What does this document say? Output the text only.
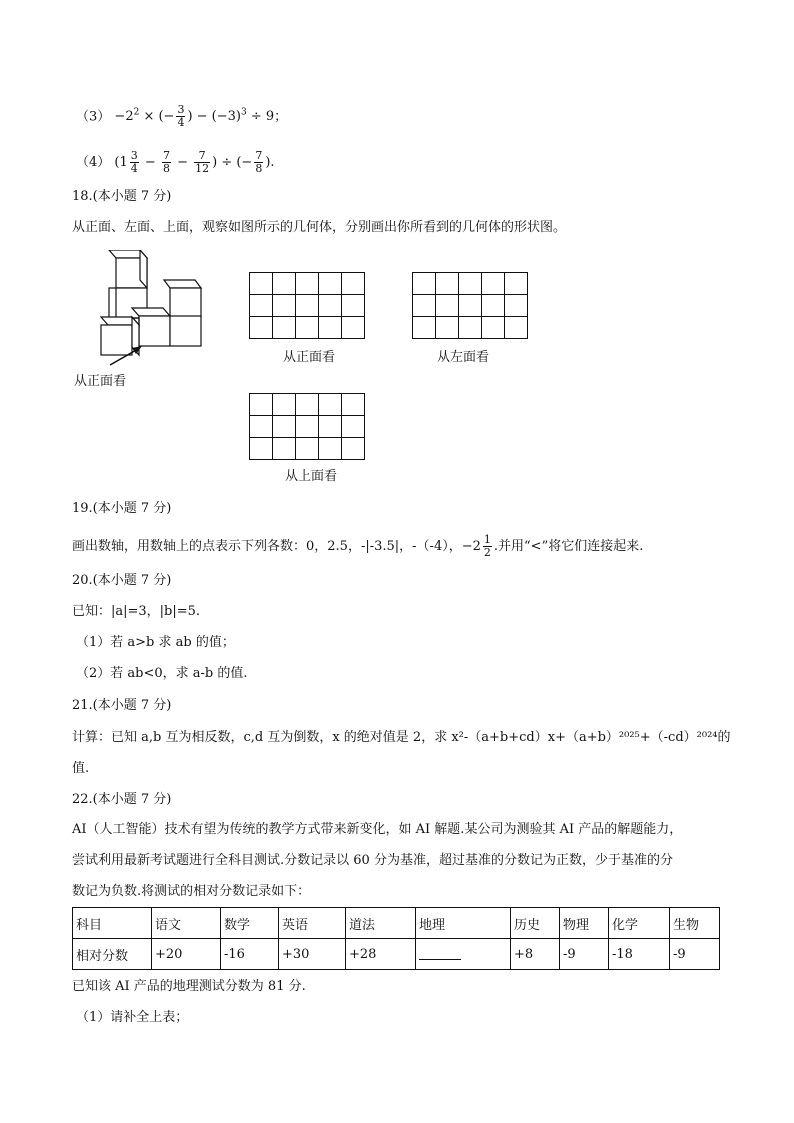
$(3) -2^2$ × (− $\frac{3}{4}$ ) − $(-3)^3 \div 9$；
（4） ($1 \frac{3}{4} - \frac{7}{8} - \frac{7}{12}$ ) ÷ (− $\frac{7}{8}$ ).
18.(本小题 7 分)
从正面、左面、上面，观察如图所示的几何体，分别画出你所看到的几何体的形状图。
从正面看

从正面看

					从左面看

从上面看
19.(本小题 7 分)
画出数轴，用数轴上的点表示下列各数：0，2.5，-|-3.5|，-（-4），$-2 \frac{1}{2}$ .并用“<”将它们连接起来.
20.(本小题 7 分)
已知：|a|=3，|b|=5.
（1）若 a>b 求 ab 的值；
（2）若 ab<0，求 a-b 的值.
21.(本小题 7 分)
计算：已知 a,b 互为相反数，c,d 互为倒数，x 的绝对值是 2，求 x²-（a+b+cd）x+（a+b）²⁰²⁵+（-cd）²⁰²⁴的
值.
22.(本小题 7 分)
AI（人工智能）技术有望为传统的教学方式带来新变化，如 AI 解题.某公司为测验其 AI 产品的解题能力，
尝试利用最新考试题进行全科目测试.分数记录以 60 分为基准，超过基准的分数记为正数，少于基准的分
数记为负数.将测试的相对分数记录如下：
科目	语文	数学	英语	道法	地理	历史	物理	化学	生物
相对分数	+20	-16	+30	+28		+8	-9	-18	-9
已知该 AI 产品的地理测试分数为 81 分.
（1）请补全上表；
